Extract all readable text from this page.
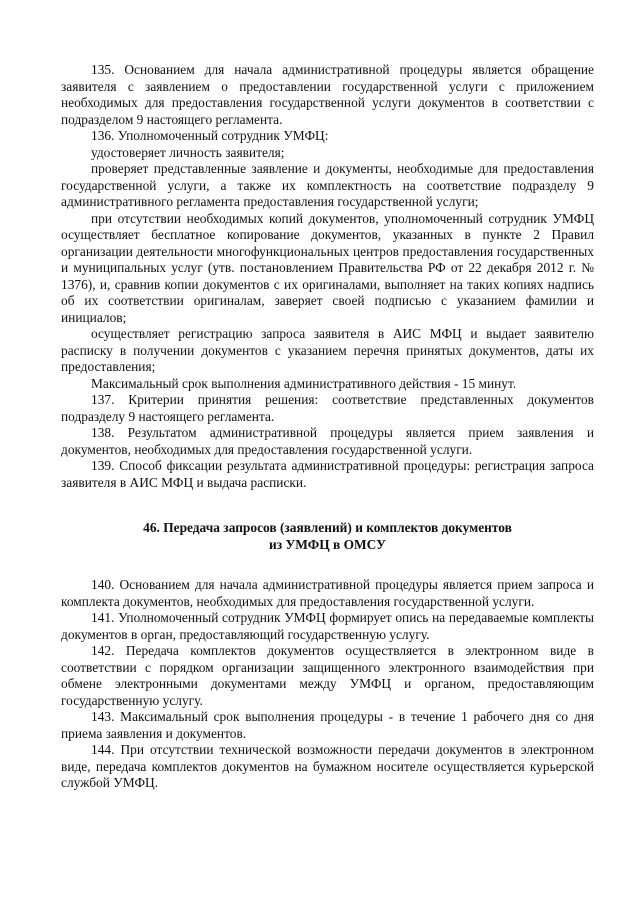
135. Основанием для начала административной процедуры является обращение заявителя с заявлением о предоставлении государственной услуги с приложением необходимых для предоставления государственной услуги документов в соответствии с подразделом 9 настоящего регламента.

136. Уполномоченный сотрудник УМФЦ:

удостоверяет личность заявителя;

проверяет представленные заявление и документы, необходимые для предоставления государственной услуги, а также их комплектность на соответствие подразделу 9 административного регламента предоставления государственной услуги;

при отсутствии необходимых копий документов, уполномоченный сотрудник УМФЦ осуществляет бесплатное копирование документов, указанных в пункте 2 Правил организации деятельности многофункциональных центров предоставления государственных и муниципальных услуг (утв. постановлением Правительства РФ от 22 декабря 2012 г. № 1376), и, сравнив копии документов с их оригиналами, выполняет на таких копиях надпись об их соответствии оригиналам, заверяет своей подписью с указанием фамилии и инициалов;

осуществляет регистрацию запроса заявителя в АИС МФЦ и выдает заявителю расписку в получении документов с указанием перечня принятых документов, даты их предоставления;

Максимальный срок выполнения административного действия - 15 минут.

137. Критерии принятия решения: соответствие представленных документов подразделу 9 настоящего регламента.

138. Результатом административной процедуры является прием заявления и документов, необходимых для предоставления государственной услуги.

139. Способ фиксации результата административной процедуры: регистрация запроса заявителя в АИС МФЦ и выдача расписки.

46. Передача запросов (заявлений) и комплектов документов
из УМФЦ в ОМСУ

140. Основанием для начала административной процедуры является прием запроса и комплекта документов, необходимых для предоставления государственной услуги.

141. Уполномоченный сотрудник УМФЦ формирует опись на передаваемые комплекты документов в орган, предоставляющий государственную услугу.

142. Передача комплектов документов осуществляется в электронном виде в соответствии с порядком организации защищенного электронного взаимодействия при обмене электронными документами между УМФЦ и органом, предоставляющим государственную услугу.

143. Максимальный срок выполнения процедуры - в течение 1 рабочего дня со дня приема заявления и документов.

144. При отсутствии технической возможности передачи документов в электронном виде, передача комплектов документов на бумажном носителе осуществляется курьерской службой УМФЦ.
